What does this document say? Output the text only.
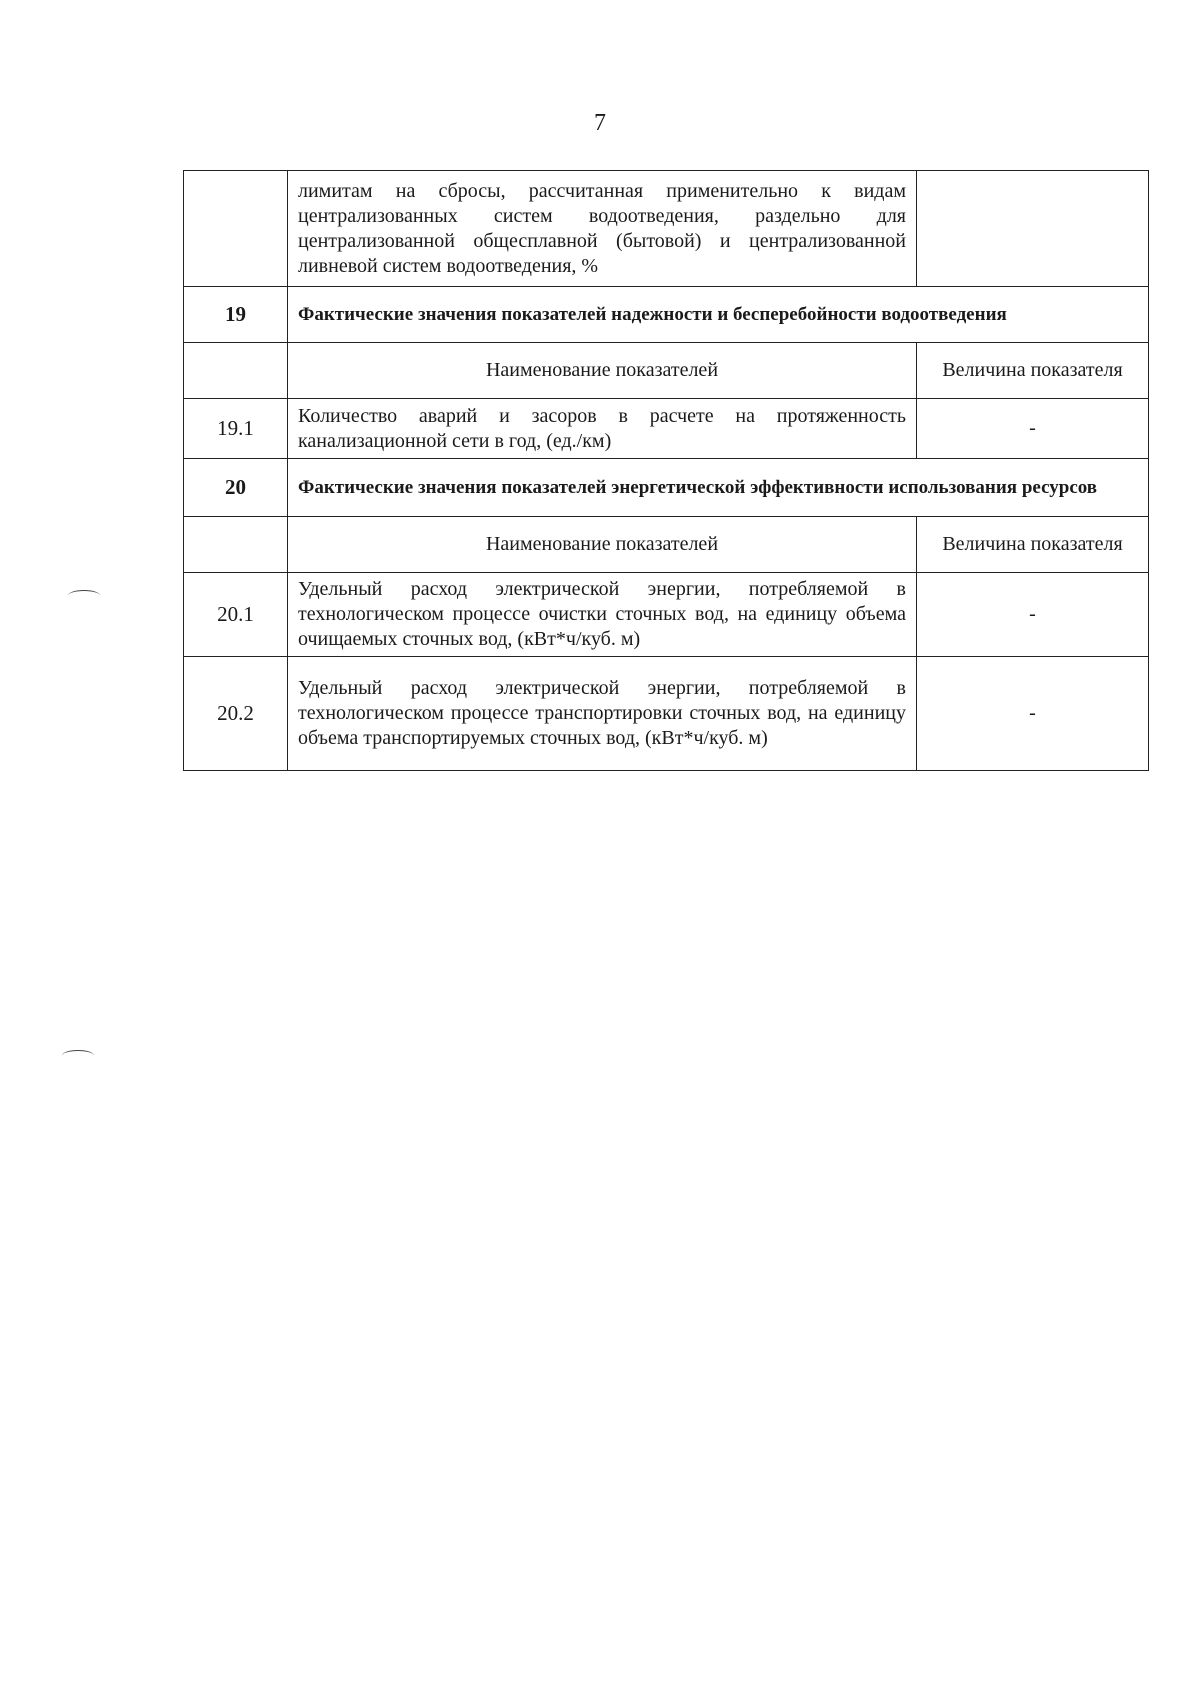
7
	лимитам на сбросы, рассчитанная применительно к видам централизованных систем водоотведения, раздельно для централизованной общесплавной (бытовой) и централизованной ливневой систем водоотведения, %	
19	Фактические значения показателей надежности и бесперебойности водоотведения	
	Наименование показателей	Величина показателя
19.1	Количество аварий и засоров в расчете на протяженность канализационной сети в год, (ед./км)	-
20	Фактические значения показателей энергетической эффективности использования ресурсов	
	Наименование показателей	Величина показателя
20.1	Удельный расход электрической энергии, потребляемой в технологическом процессе очистки сточных вод, на единицу объема очищаемых сточных вод, (кВт*ч/куб. м)	-
20.2	Удельный расход электрической энергии, потребляемой в технологическом процессе транспортировки сточных вод, на единицу объема транспортируемых сточных вод, (кВт*ч/куб. м)	-
